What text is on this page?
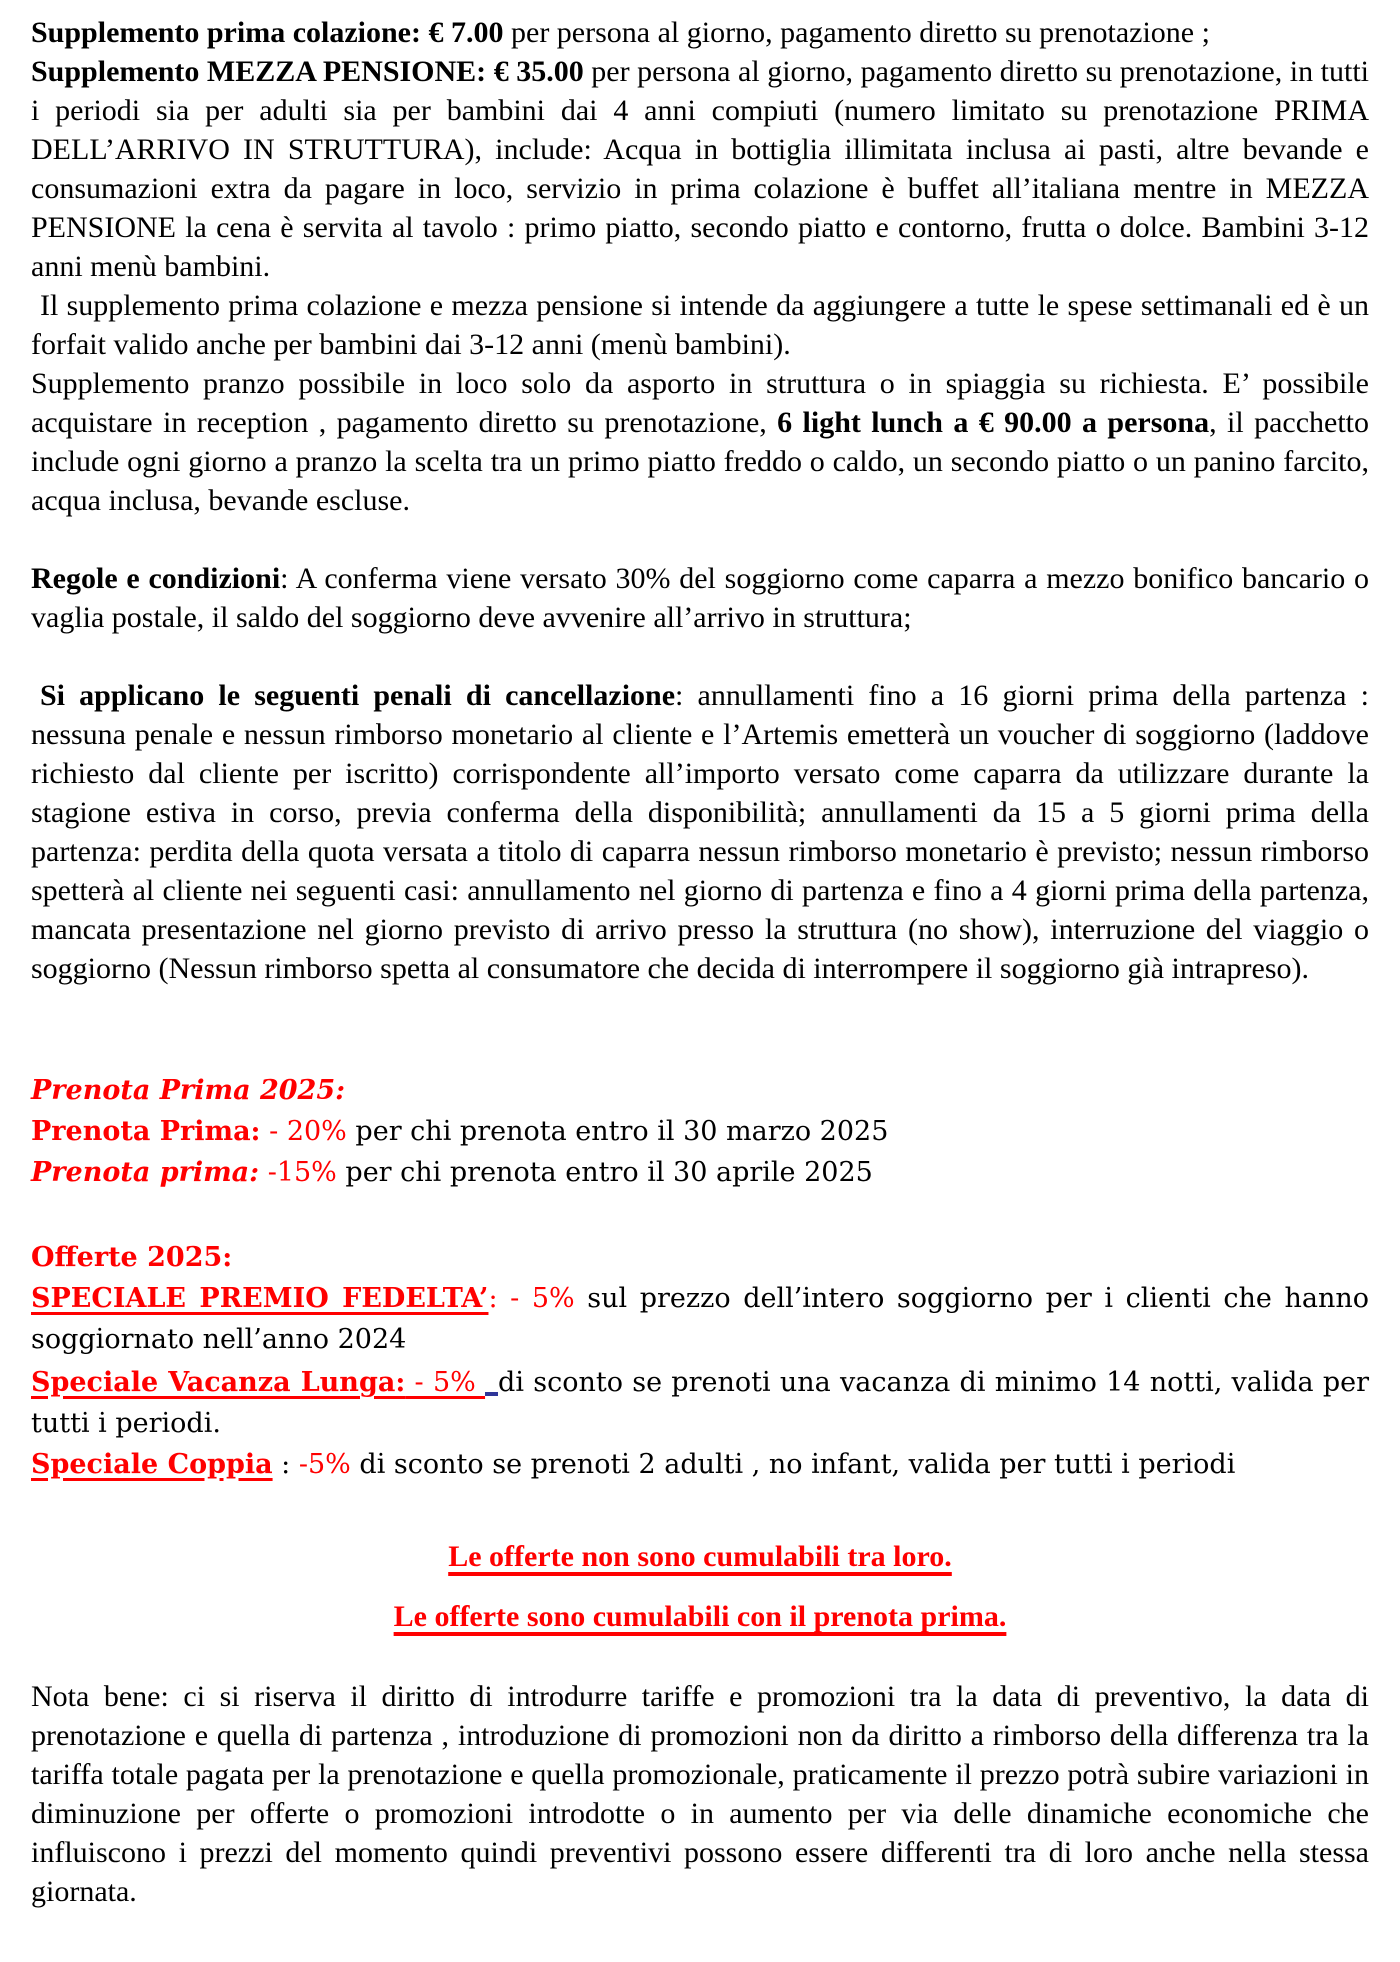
Supplemento prima colazione: € 7.00 per persona al giorno, pagamento diretto su prenotazione ;
Supplemento MEZZA PENSIONE: € 35.00 per persona al giorno, pagamento diretto su prenotazione, in tutti i periodi sia per adulti sia per bambini dai 4 anni compiuti (numero limitato su prenotazione PRIMA DELL’ARRIVO IN STRUTTURA), include: Acqua in bottiglia illimitata inclusa ai pasti, altre bevande e consumazioni extra da pagare in loco, servizio in prima colazione è buffet all’italiana mentre in MEZZA PENSIONE la cena è servita al tavolo : primo piatto, secondo piatto e contorno, frutta o dolce. Bambini 3-12 anni menù bambini.

Il supplemento prima colazione e mezza pensione si intende da aggiungere a tutte le spese settimanali ed è un forfait valido anche per bambini dai 3-12 anni (menù bambini).
Supplemento pranzo possibile in loco solo da asporto in struttura o in spiaggia su richiesta. E’ possibile acquistare in reception , pagamento diretto su prenotazione, 6 light lunch a € 90.00 a persona, il pacchetto include ogni giorno a pranzo la scelta tra un primo piatto freddo o caldo, un secondo piatto o un panino farcito, acqua inclusa, bevande escluse.

Regole e condizioni: A conferma viene versato 30% del soggiorno come caparra a mezzo bonifico bancario o vaglia postale, il saldo del soggiorno deve avvenire all’arrivo in struttura;

Si applicano le seguenti penali di cancellazione: annullamenti fino a 16 giorni prima della partenza : nessuna penale e nessun rimborso monetario al cliente e l’Artemis emetterà un voucher di soggiorno (laddove richiesto dal cliente per iscritto) corrispondente all’importo versato come caparra da utilizzare durante la stagione estiva in corso, previa conferma della disponibilità; annullamenti da 15 a 5 giorni prima della partenza: perdita della quota versata a titolo di caparra nessun rimborso monetario è previsto; nessun rimborso spetterà al cliente nei seguenti casi: annullamento nel giorno di partenza e fino a 4 giorni prima della partenza, mancata presentazione nel giorno previsto di arrivo presso la struttura (no show), interruzione del viaggio o soggiorno (Nessun rimborso spetta al consumatore che decida di interrompere il soggiorno già intrapreso).

Prenota Prima 2025:

Prenota Prima: - 20% per chi prenota entro il 30 marzo 2025

Prenota prima: -15% per chi prenota entro il 30 aprile 2025

Offerte 2025:

SPECIALE PREMIO FEDELTA’: - 5% sul prezzo dell’intero soggiorno per i clienti che hanno soggiornato nell’anno 2024

Speciale Vacanza Lunga: - 5% di sconto se prenoti una vacanza di minimo 14 notti, valida per tutti i periodi.

Speciale Coppia : -5% di sconto se prenoti 2 adulti , no infant, valida per tutti i periodi

Le offerte non sono cumulabili tra loro.

Le offerte sono cumulabili con il prenota prima.

Nota bene: ci si riserva il diritto di introdurre tariffe e promozioni tra la data di preventivo, la data di prenotazione e quella di partenza , introduzione di promozioni non da diritto a rimborso della differenza tra la tariffa totale pagata per la prenotazione e quella promozionale, praticamente il prezzo potrà subire variazioni in diminuzione per offerte o promozioni introdotte o in aumento per via delle dinamiche economiche che influiscono i prezzi del momento quindi preventivi possono essere differenti tra di loro anche nella stessa giornata.
